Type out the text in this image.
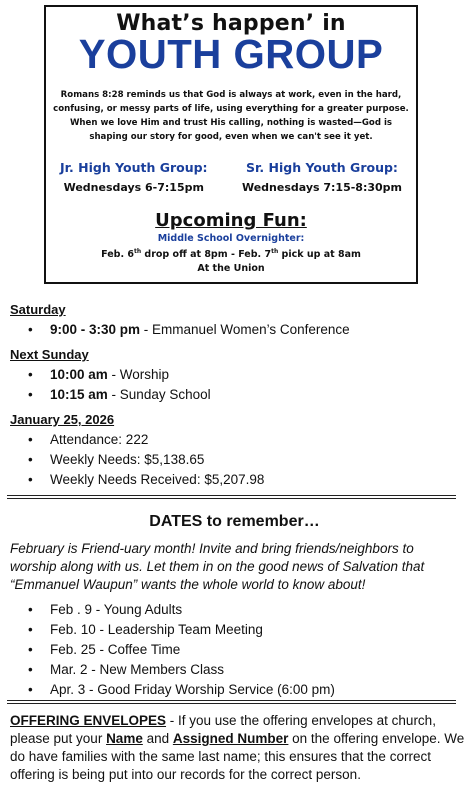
What’s happen’ in
YOUTH GROUP
Romans 8:28 reminds us that God is always at work, even in the hard, confusing, or messy parts of life, using everything for a greater purpose. When we love Him and trust His calling, nothing is wasted—God is shaping our story for good, even when we can't see it yet.
Jr. High Youth Group:
Wednesdays 6-7:15pm
Sr. High Youth Group:
Wednesdays 7:15-8:30pm
Upcoming Fun:
Middle School Overnighter:
Feb. 6th drop off at 8pm - Feb. 7th pick up at 8am
At the Union
Saturday
• 9:00 - 3:30 pm - Emmanuel Women’s Conference
Next Sunday
• 10:00 am - Worship
• 10:15 am - Sunday School
January 25, 2026
• Attendance: 222
• Weekly Needs: $5,138.65
• Weekly Needs Received: $5,207.98
DATES to remember…
February is Friend-uary month! Invite and bring friends/neighbors to worship along with us. Let them in on the good news of Salvation that “Emmanuel Waupun” wants the whole world to know about!
• Feb . 9 - Young Adults
• Feb. 10 - Leadership Team Meeting
• Feb. 25 - Coffee Time
• Mar. 2 - New Members Class
• Apr. 3 - Good Friday Worship Service (6:00 pm)
OFFERING ENVELOPES - If you use the offering envelopes at church, please put your Name and Assigned Number on the offering envelope. We do have families with the same last name; this ensures that the correct offering is being put into our records for the correct person.
